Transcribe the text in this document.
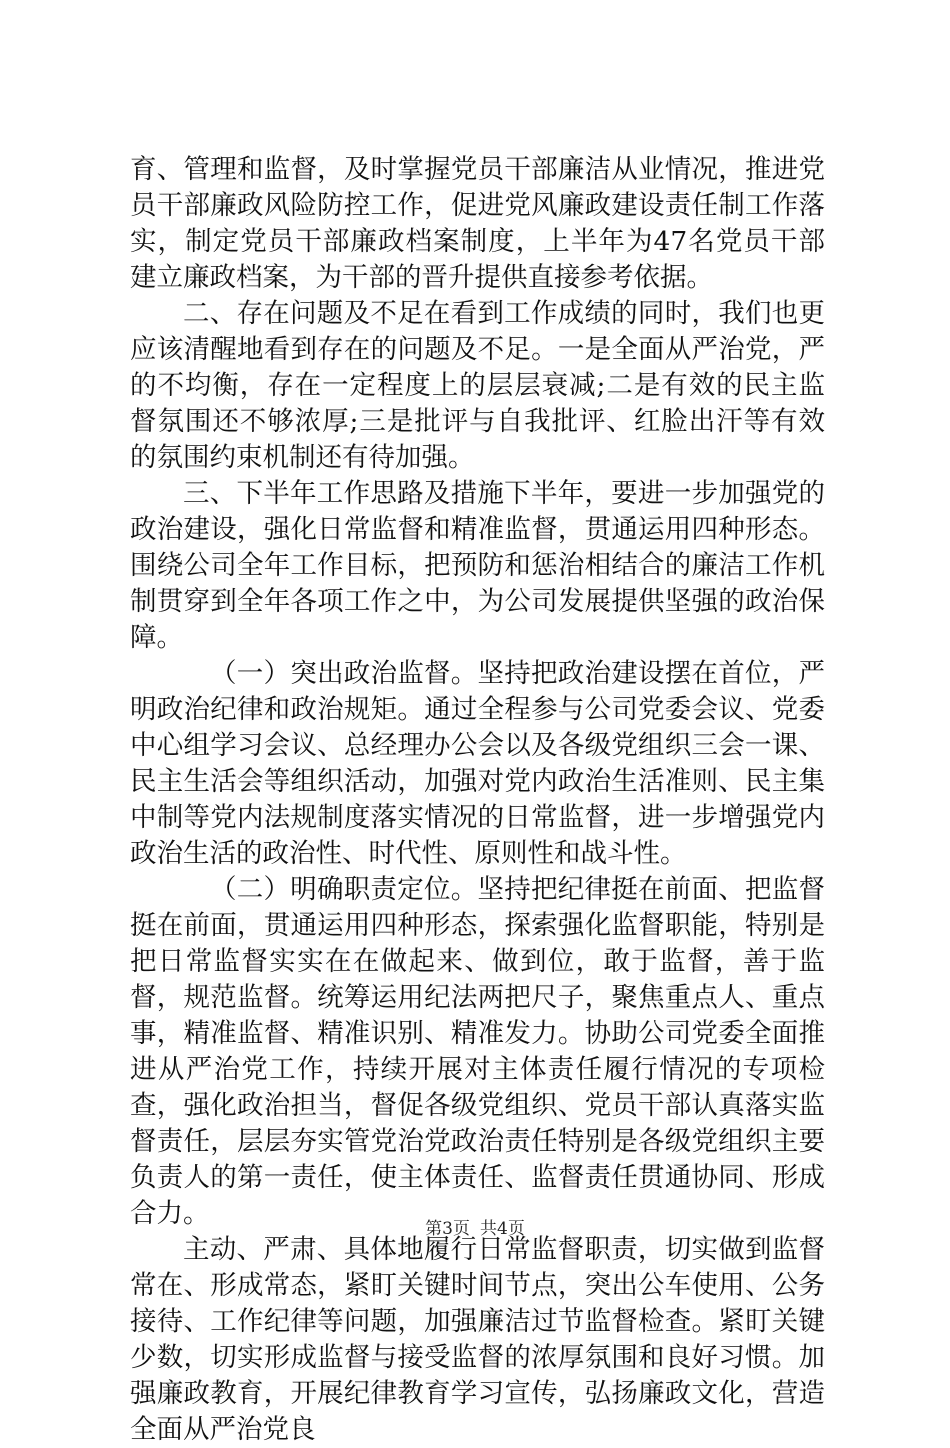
育、管理和监督，及时掌握党员干部廉洁从业情况，推进党员干部廉政风险防控工作，促进党风廉政建设责任制工作落实，制定党员干部廉政档案制度，上半年为47名党员干部建立廉政档案，为干部的晋升提供直接参考依据。

二、存在问题及不足在看到工作成绩的同时，我们也更应该清醒地看到存在的问题及不足。一是全面从严治党，严的不均衡，存在一定程度上的层层衰减;二是有效的民主监督氛围还不够浓厚;三是批评与自我批评、红脸出汗等有效的氛围约束机制还有待加强。

三、下半年工作思路及措施下半年，要进一步加强党的政治建设，强化日常监督和精准监督，贯通运用四种形态。围绕公司全年工作目标，把预防和惩治相结合的廉洁工作机制贯穿到全年各项工作之中，为公司发展提供坚强的政治保障。

（一）突出政治监督。坚持把政治建设摆在首位，严明政治纪律和政治规矩。通过全程参与公司党委会议、党委中心组学习会议、总经理办公会以及各级党组织三会一课、民主生活会等组织活动，加强对党内政治生活准则、民主集中制等党内法规制度落实情况的日常监督，进一步增强党内政治生活的政治性、时代性、原则性和战斗性。

（二）明确职责定位。坚持把纪律挺在前面、把监督挺在前面，贯通运用四种形态，探索强化监督职能，特别是把日常监督实实在在做起来、做到位，敢于监督，善于监督，规范监督。统筹运用纪法两把尺子，聚焦重点人、重点事，精准监督、精准识别、精准发力。协助公司党委全面推进从严治党工作，持续开展对主体责任履行情况的专项检查，强化政治担当，督促各级党组织、党员干部认真落实监督责任，层层夯实管党治党政治责任特别是各级党组织主要负责人的第一责任，使主体责任、监督责任贯通协同、形成合力。

主动、严肃、具体地履行日常监督职责，切实做到监督常在、形成常态，紧盯关键时间节点，突出公车使用、公务接待、工作纪律等问题，加强廉洁过节监督检查。紧盯关键少数，切实形成监督与接受监督的浓厚氛围和良好习惯。加强廉政教育，开展纪律教育学习宣传，弘扬廉政文化，营造全面从严治党良

第3页 共4页
